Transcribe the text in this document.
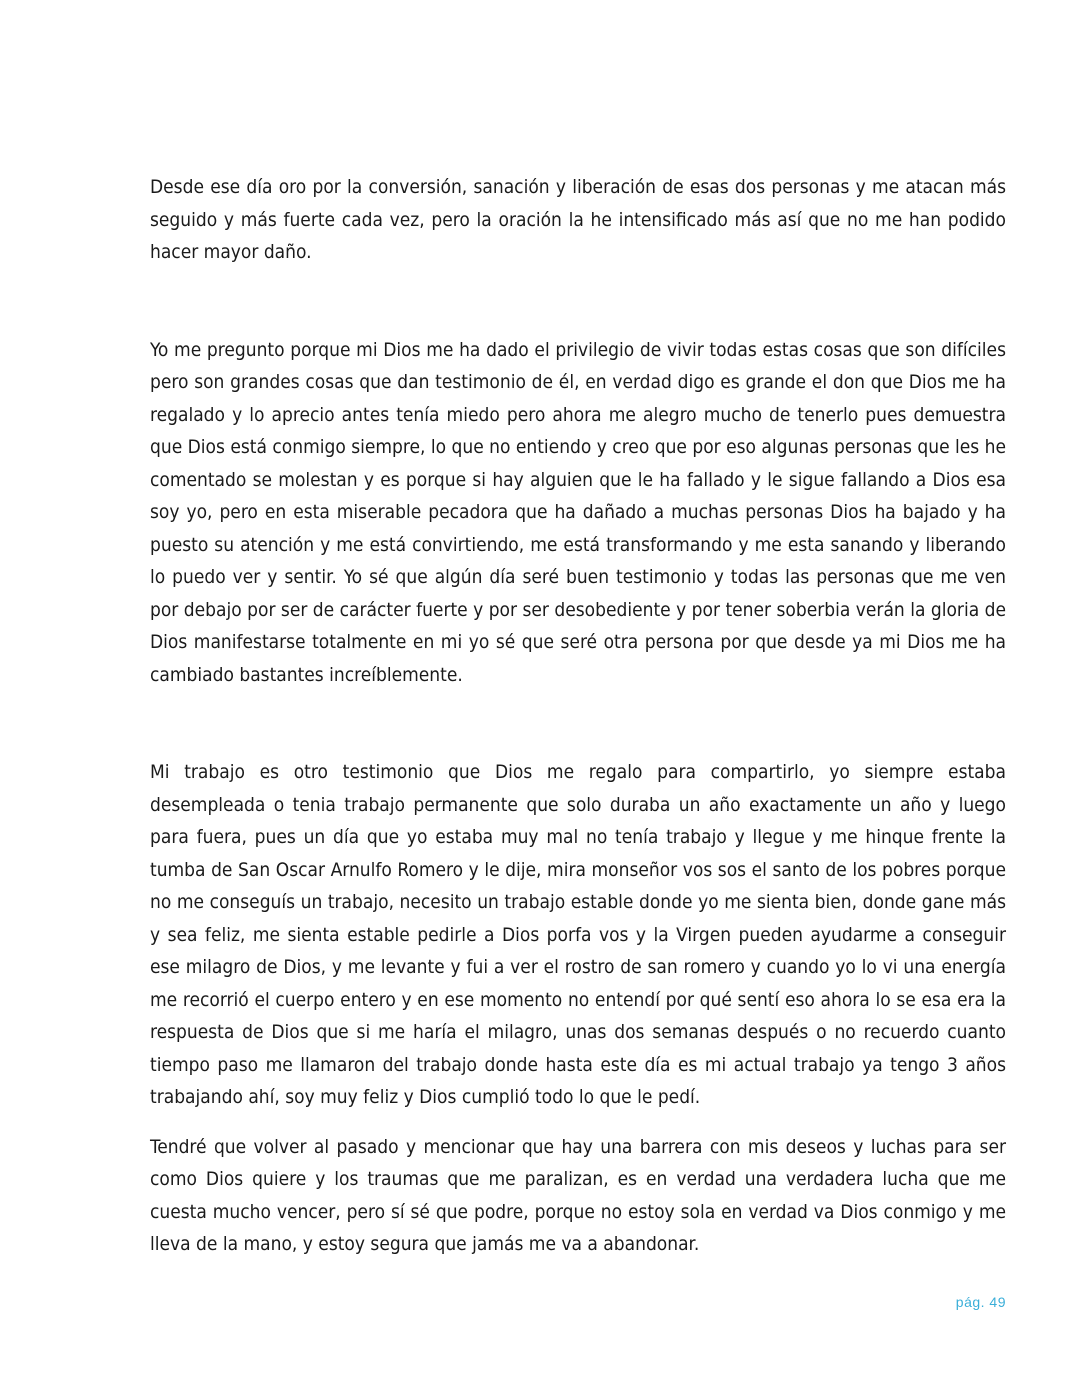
Desde ese día oro por la conversión, sanación y liberación de esas dos personas y me atacan más seguido y más fuerte cada vez, pero la oración la he intensificado más así que no me han podido hacer mayor daño.

Yo me pregunto porque mi Dios me ha dado el privilegio de vivir todas estas cosas que son difíciles pero son grandes cosas que dan testimonio de él, en verdad digo es grande el don que Dios me ha regalado y lo aprecio antes tenía miedo pero ahora me alegro mucho de tenerlo pues demuestra que Dios está conmigo siempre, lo que no entiendo y creo que por eso algunas personas que les he comentado se molestan y es porque si hay alguien que le ha fallado y le sigue fallando a Dios esa soy yo, pero en esta miserable pecadora que ha dañado a muchas personas Dios ha bajado y ha puesto su atención y me está convirtiendo, me está transformando y me esta sanando y liberando lo puedo ver y sentir. Yo sé que algún día seré buen testimonio y todas las personas que me ven por debajo por ser de carácter fuerte y por ser desobediente y por tener soberbia verán la gloria de Dios manifestarse totalmente en mi yo sé que seré otra persona por que desde ya mi Dios me ha cambiado bastantes increíblemente.

Mi trabajo es otro testimonio que Dios me regalo para compartirlo, yo siempre estaba desempleada o tenia trabajo permanente que solo duraba un año exactamente un año y luego para fuera, pues un día que yo estaba muy mal no tenía trabajo y llegue y me hinque frente la tumba de San Oscar Arnulfo Romero y le dije, mira monseñor vos sos el santo de los pobres porque no me conseguís un trabajo, necesito un trabajo estable donde yo me sienta bien, donde gane más y sea feliz, me sienta estable pedirle a Dios porfa vos y la Virgen pueden ayudarme a conseguir ese milagro de Dios, y me levante y fui a ver el rostro de san romero y cuando yo lo vi una energía me recorrió el cuerpo entero y en ese momento no entendí por qué sentí eso ahora lo se esa era la respuesta de Dios que si me haría el milagro, unas dos semanas después o no recuerdo cuanto tiempo paso me llamaron del trabajo donde hasta este día es mi actual trabajo ya tengo 3 años trabajando ahí, soy muy feliz y Dios cumplió todo lo que le pedí.

Tendré que volver al pasado y mencionar que hay una barrera con mis deseos y luchas para ser como Dios quiere y los traumas que me paralizan, es en verdad una verdadera lucha que me cuesta mucho vencer, pero sí sé que podre, porque no estoy sola en verdad va Dios conmigo y me lleva de la mano, y estoy segura que jamás me va a abandonar.

pág. 49
